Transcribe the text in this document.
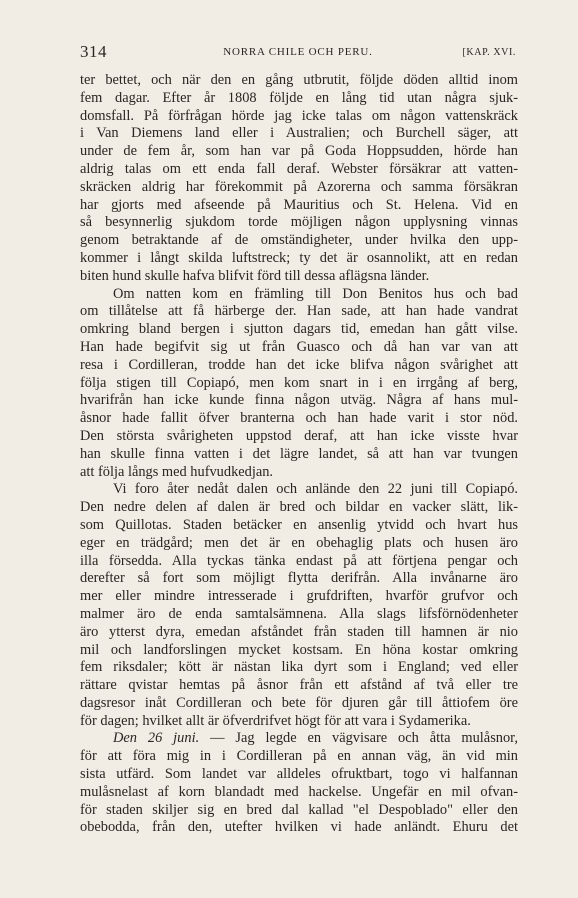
314	NORRA CHILE OCH PERU.	[KAP. XVI.
ter bettet, och när den en gång utbrutit, följde döden alltid inom
fem dagar. Efter år 1808 följde en lång tid utan några sjuk-
domsfall. På förfrågan hörde jag icke talas om någon vattenskräck
i Van Diemens land eller i Australien; och Burchell säger, att
under de fem år, som han var på Goda Hoppsudden, hörde han
aldrig talas om ett enda fall deraf. Webster försäkrar att vatten-
skräcken aldrig har förekommit på Azorerna och samma försäkran
har gjorts med afseende på Mauritius och St. Helena. Vid en
så besynnerlig sjukdom torde möjligen någon upplysning vinnas
genom betraktande af de omständigheter, under hvilka den upp-
kommer i långt skilda luftstreck; ty det är osannolikt, att en redan
biten hund skulle hafva blifvit förd till dessa aflägsna länder.
Om natten kom en främling till Don Benitos hus och bad
om tillåtelse att få härberge der. Han sade, att han hade vandrat
omkring bland bergen i sjutton dagars tid, emedan han gått vilse.
Han hade begifvit sig ut från Guasco och då han var van att
resa i Cordilleran, trodde han det icke blifva någon svårighet att
följa stigen till Copiapó, men kom snart in i en irrgång af berg,
hvarifrån han icke kunde finna någon utväg. Några af hans mul-
åsnor hade fallit öfver branterna och han hade varit i stor nöd.
Den största svårigheten uppstod deraf, att han icke visste hvar
han skulle finna vatten i det lägre landet, så att han var tvungen
att följa långs med hufvudkedjan.
Vi foro åter nedåt dalen och anlände den 22 juni till Copiapó.
Den nedre delen af dalen är bred och bildar en vacker slätt, lik-
som Quillotas. Staden betäcker en ansenlig ytvidd och hvart hus
eger en trädgård; men det är en obehaglig plats och husen äro
illa försedda. Alla tyckas tänka endast på att förtjena pengar och
derefter så fort som möjligt flytta derifrån. Alla invånarne äro
mer eller mindre intresserade i grufdriften, hvarför grufvor och
malmer äro de enda samtalsämnena. Alla slags lifsförnödenheter
äro ytterst dyra, emedan afståndet från staden till hamnen är nio
mil och landforslingen mycket kostsam. En höna kostar omkring
fem riksdaler; kött är nästan lika dyrt som i England; ved eller
rättare qvistar hemtas på åsnor från ett afstånd af två eller tre
dagsresor inåt Cordilleran och bete för djuren går till åttiofem öre
för dagen; hvilket allt är öfverdrifvet högt för att vara i Sydamerika.
Den 26 juni. — Jag legde en vägvisare och åtta mulåsnor,
för att föra mig in i Cordilleran på en annan väg, än vid min
sista utfärd. Som landet var alldeles ofruktbart, togo vi halfannan
mulåsnelast af korn blandadt med hackelse. Ungefär en mil ofvan-
för staden skiljer sig en bred dal kallad "el Despoblado" eller den
obebodda, från den, utefter hvilken vi hade anländt. Ehuru det
